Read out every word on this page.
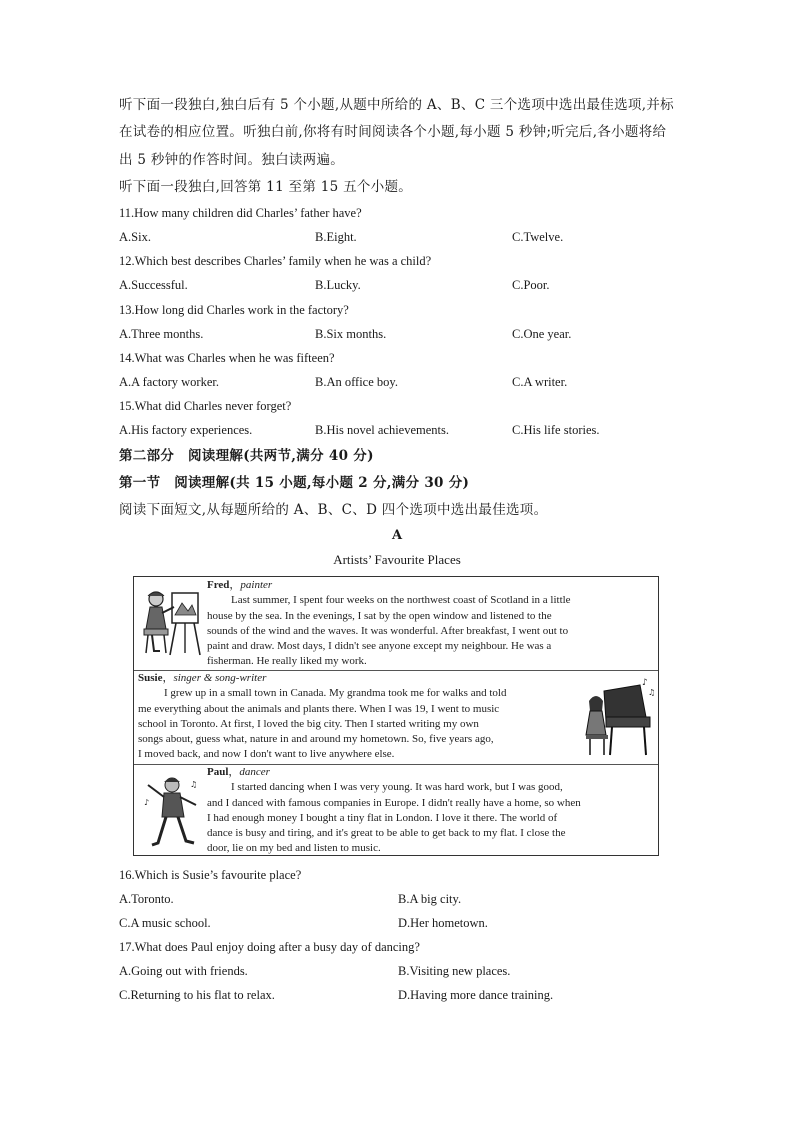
听下面一段独白,独白后有 5 个小题,从题中所给的 A、B、C 三个选项中选出最佳选项,并标
在试卷的相应位置。听独白前,你将有时间阅读各个小题,每小题 5 秒钟;听完后,各小题将给
出 5 秒钟的作答时间。独白读两遍。
听下面一段独白,回答第 11 至第 15 五个小题。
11.How many children did Charles’ father have?
A.Six.	B.Eight.	C.Twelve.
12.Which best describes Charles’ family when he was a child?
A.Successful.	B.Lucky.	C.Poor.
13.How long did Charles work in the factory?
A.Three months.	B.Six months.	C.One year.
14.What was Charles when he was fifteen?
A.A factory worker.	B.An office boy.	C.A writer.
15.What did Charles never forget?
A.His factory experiences.	B.His novel achievements.	C.His life stories.
第二部分　阅读理解(共两节,满分 40 分)
第一节　阅读理解(共 15 小题,每小题 2 分,满分 30 分)
阅读下面短文,从每题所给的 A、B、C、D 四个选项中选出最佳选项。
A
Artists’ Favourite Places
Fred，painter
Last summer, I spent four weeks on the northwest coast of Scotland in a little
house by the sea. In the evenings, I sat by the open window and listened to the
sounds of the wind and the waves. It was wonderful. After breakfast, I went out to
paint and draw. Most days, I didn't see anyone except my neighbour. He was a
fisherman. He really liked my work.
Susie，singer & song-writer
I grew up in a small town in Canada. My grandma took me for walks and told
me everything about the animals and plants there. When I was 19, I went to music
school in Toronto. At first, I loved the big city. Then I started writing my own
songs about, guess what, nature in and around my hometown. So, five years ago,
I moved back, and now I don't want to live anywhere else.
♪
♫
♪
♫
Paul，dancer
I started dancing when I was very young. It was hard work, but I was good,
and I danced with famous companies in Europe. I didn't really have a home, so when
I had enough money I bought a tiny flat in London. I love it there. The world of
dance is busy and tiring, and it's great to be able to get back to my flat. I close the
door, lie on my bed and listen to music.
16.Which is Susie’s favourite place?
A.Toronto.	B.A big city.
C.A music school.	D.Her hometown.
17.What does Paul enjoy doing after a busy day of dancing?
A.Going out with friends.	B.Visiting new places.
C.Returning to his flat to relax.	D.Having more dance training.
